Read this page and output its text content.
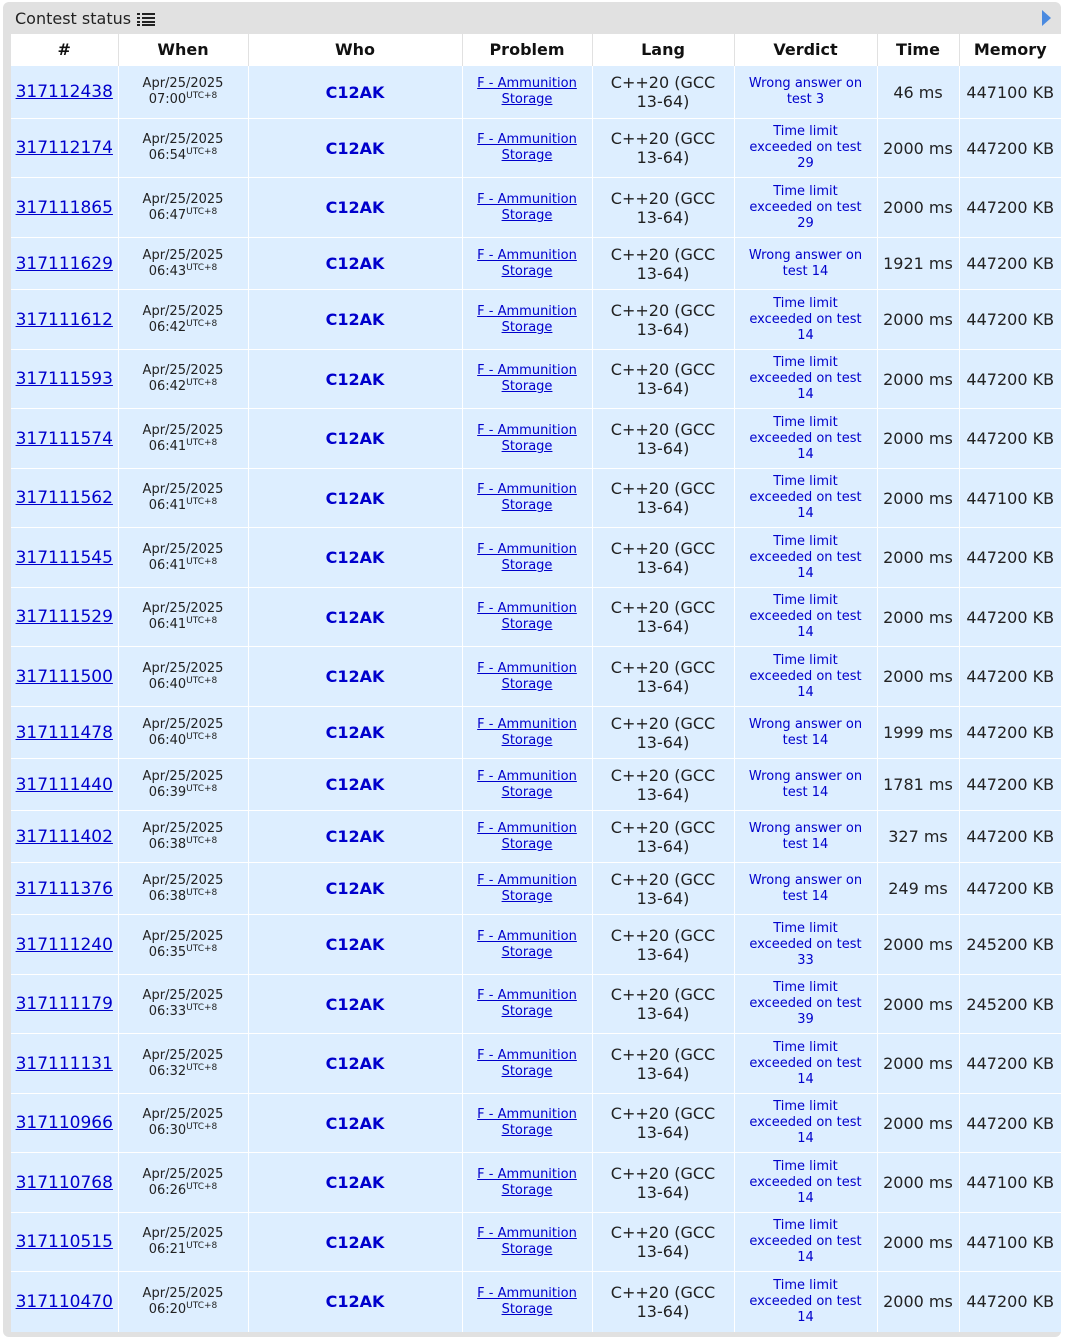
Contest status
#	When	Who	Problem	Lang	Verdict	Time	Memory
317112438	Apr/25/2025
$07:00^{UTC+8}$	C12AK	F - Ammunition
Storage	C++20 (GCC
13-64)	Wrong answer on
test 3	46 ms	447100 KB
317112174	Apr/25/2025
$06:54^{UTC+8}$	C12AK	F - Ammunition
Storage	C++20 (GCC
13-64)	Time limit
exceeded on test
29	2000 ms	447200 KB
317111865	Apr/25/2025
$06:47^{UTC+8}$	C12AK	F - Ammunition
Storage	C++20 (GCC
13-64)	Time limit
exceeded on test
29	2000 ms	447200 KB
317111629	Apr/25/2025
$06:43^{UTC+8}$	C12AK	F - Ammunition
Storage	C++20 (GCC
13-64)	Wrong answer on
test 14	1921 ms	447200 KB
317111612	Apr/25/2025
$06:42^{UTC+8}$	C12AK	F - Ammunition
Storage	C++20 (GCC
13-64)	Time limit
exceeded on test
14	2000 ms	447200 KB
317111593	Apr/25/2025
$06:42^{UTC+8}$	C12AK	F - Ammunition
Storage	C++20 (GCC
13-64)	Time limit
exceeded on test
14	2000 ms	447200 KB
317111574	Apr/25/2025
$06:41^{UTC+8}$	C12AK	F - Ammunition
Storage	C++20 (GCC
13-64)	Time limit
exceeded on test
14	2000 ms	447200 KB
317111562	Apr/25/2025
$06:41^{UTC+8}$	C12AK	F - Ammunition
Storage	C++20 (GCC
13-64)	Time limit
exceeded on test
14	2000 ms	447100 KB
317111545	Apr/25/2025
$06:41^{UTC+8}$	C12AK	F - Ammunition
Storage	C++20 (GCC
13-64)	Time limit
exceeded on test
14	2000 ms	447200 KB
317111529	Apr/25/2025
$06:41^{UTC+8}$	C12AK	F - Ammunition
Storage	C++20 (GCC
13-64)	Time limit
exceeded on test
14	2000 ms	447200 KB
317111500	Apr/25/2025
$06:40^{UTC+8}$	C12AK	F - Ammunition
Storage	C++20 (GCC
13-64)	Time limit
exceeded on test
14	2000 ms	447200 KB
317111478	Apr/25/2025
$06:40^{UTC+8}$	C12AK	F - Ammunition
Storage	C++20 (GCC
13-64)	Wrong answer on
test 14	1999 ms	447200 KB
317111440	Apr/25/2025
$06:39^{UTC+8}$	C12AK	F - Ammunition
Storage	C++20 (GCC
13-64)	Wrong answer on
test 14	1781 ms	447200 KB
317111402	Apr/25/2025
$06:38^{UTC+8}$	C12AK	F - Ammunition
Storage	C++20 (GCC
13-64)	Wrong answer on
test 14	327 ms	447200 KB
317111376	Apr/25/2025
$06:38^{UTC+8}$	C12AK	F - Ammunition
Storage	C++20 (GCC
13-64)	Wrong answer on
test 14	249 ms	447200 KB
317111240	Apr/25/2025
$06:35^{UTC+8}$	C12AK	F - Ammunition
Storage	C++20 (GCC
13-64)	Time limit
exceeded on test
33	2000 ms	245200 KB
317111179	Apr/25/2025
$06:33^{UTC+8}$	C12AK	F - Ammunition
Storage	C++20 (GCC
13-64)	Time limit
exceeded on test
39	2000 ms	245200 KB
317111131	Apr/25/2025
$06:32^{UTC+8}$	C12AK	F - Ammunition
Storage	C++20 (GCC
13-64)	Time limit
exceeded on test
14	2000 ms	447200 KB
317110966	Apr/25/2025
$06:30^{UTC+8}$	C12AK	F - Ammunition
Storage	C++20 (GCC
13-64)	Time limit
exceeded on test
14	2000 ms	447200 KB
317110768	Apr/25/2025
$06:26^{UTC+8}$	C12AK	F - Ammunition
Storage	C++20 (GCC
13-64)	Time limit
exceeded on test
14	2000 ms	447100 KB
317110515	Apr/25/2025
$06:21^{UTC+8}$	C12AK	F - Ammunition
Storage	C++20 (GCC
13-64)	Time limit
exceeded on test
14	2000 ms	447100 KB
317110470	Apr/25/2025
$06:20^{UTC+8}$	C12AK	F - Ammunition
Storage	C++20 (GCC
13-64)	Time limit
exceeded on test
14	2000 ms	447200 KB
